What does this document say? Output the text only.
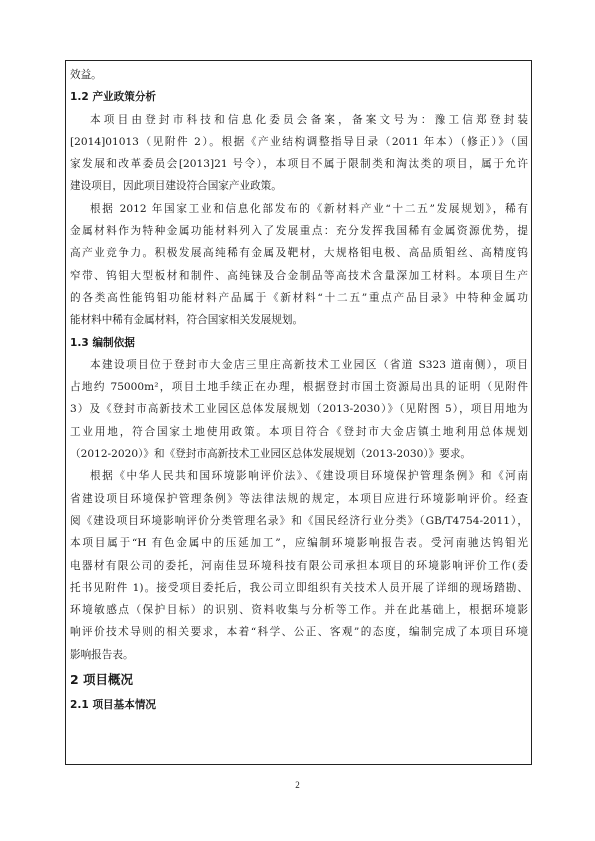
效益。
1.2 产业政策分析
本项目由登封市科技和信息化委员会备案，备案文号为：豫工信郑登封装
[2014]01013（见附件 2）。根据《产业结构调整指导目录（2011 年本）（修正）》（国
家发展和改革委员会[2013]21 号令），本项目不属于限制类和淘汰类的项目，属于允许
建设项目，因此项目建设符合国家产业政策。
根据 2012 年国家工业和信息化部发布的《新材料产业“十二五”发展规划》，稀有
金属材料作为特种金属功能材料列入了发展重点：充分发挥我国稀有金属资源优势，提
高产业竞争力。积极发展高纯稀有金属及靶材，大规格钼电极、高品质钼丝、高精度钨
窄带、钨钼大型板材和制件、高纯铼及合金制品等高技术含量深加工材料。本项目生产
的各类高性能钨钼功能材料产品属于《新材料“十二五”重点产品目录》中特种金属功
能材料中稀有金属材料，符合国家相关发展规划。
1.3 编制依据
本建设项目位于登封市大金店三里庄高新技术工业园区（省道 S323 道南侧），项目
占地约 75000m²，项目土地手续正在办理，根据登封市国土资源局出具的证明（见附件
3）及《登封市高新技术工业园区总体发展规划（2013-2030）》（见附图 5），项目用地为
工业用地，符合国家土地使用政策。本项目符合《登封市大金店镇土地利用总体规划
（2012-2020）》和《登封市高新技术工业园区总体发展规划（2013-2030）》要求。
根据《中华人民共和国环境影响评价法》、《建设项目环境保护管理条例》和《河南
省建设项目环境保护管理条例》等法律法规的规定，本项目应进行环境影响评价。经查
阅《建设项目环境影响评价分类管理名录》和《国民经济行业分类》（GB/T4754-2011），
本项目属于“H 有色金属中的压延加工”，应编制环境影响报告表。受河南驰达钨钼光
电器材有限公司的委托，河南佳昱环境科技有限公司承担本项目的环境影响评价工作(委
托书见附件 1)。接受项目委托后，我公司立即组织有关技术人员开展了详细的现场踏勘、
环境敏感点（保护目标）的识别、资料收集与分析等工作。并在此基础上，根据环境影
响评价技术导则的相关要求，本着“科学、公正、客观”的态度，编制完成了本项目环境
影响报告表。
2 项目概况
2.1 项目基本情况
2
